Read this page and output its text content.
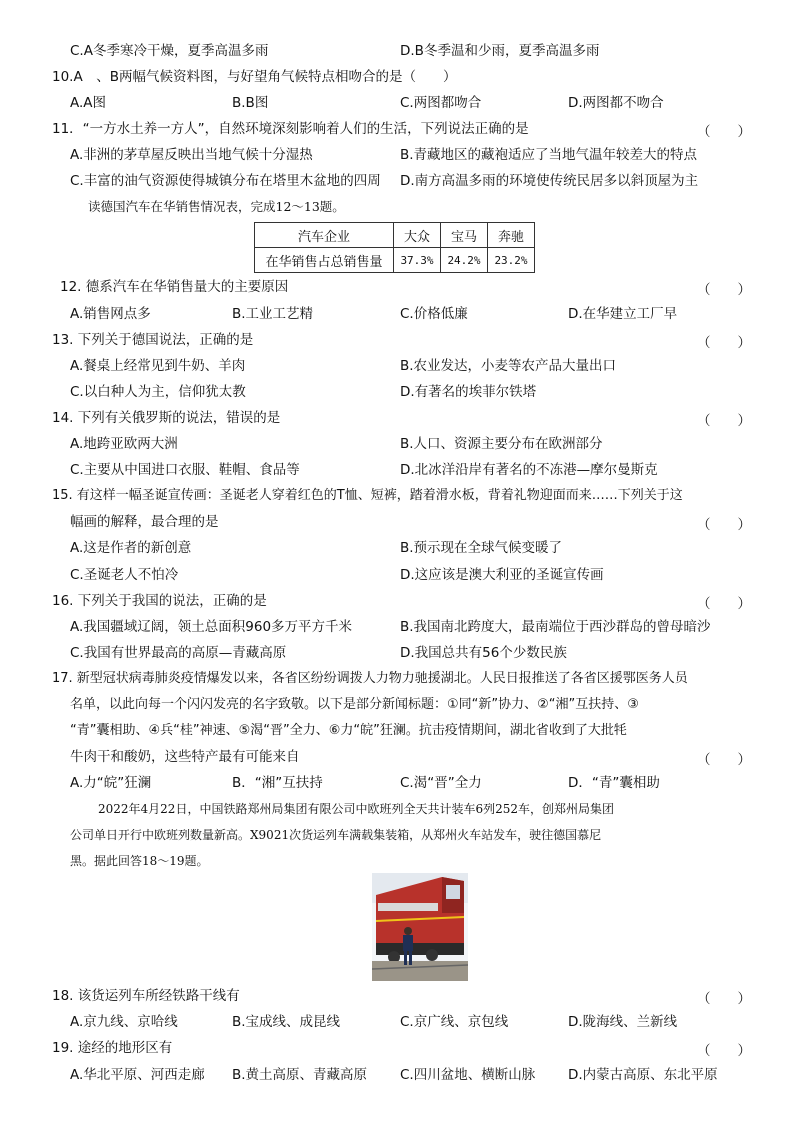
C.A冬季寒冷干燥，夏季高温多雨	D.B冬季温和少雨，夏季高温多雨
10.A　、B两幅气候资料图，与好望角气候特点相吻合的是（　　）
A.A图	B.B图	C.两图都吻合	D.两图都不吻合
11．“一方水土养一方人”，自然环境深刻影响着人们的生活，下列说法正确的是	（　　）
A.非洲的茅草屋反映出当地气候十分湿热	B.青藏地区的藏袍适应了当地气温年较差大的特点
C.丰富的油气资源使得城镇分布在塔里木盆地的四周 D.南方高温多雨的环境使传统民居多以斜顶屋为主
读德国汽车在华销售情况表，完成12～13题。
汽车企业	大众	宝马	奔驰
在华销售占总销售量	37.3%	24.2%	23.2%
12. 德系汽车在华销售量大的主要原因	（　　）
A.销售网点多	B.工业工艺精	C.价格低廉	D.在华建立工厂早
13. 下列关于德国说法，正确的是	（　　）
A.餐桌上经常见到牛奶、羊肉	B.农业发达，小麦等农产品大量出口
C.以白种人为主，信仰犹太教	D.有著名的埃菲尔铁塔
14. 下列有关俄罗斯的说法，错误的是	（　　）
A.地跨亚欧两大洲	B.人口、资源主要分布在欧洲部分
C.主要从中国进口衣服、鞋帽、食品等	D.北冰洋沿岸有著名的不冻港—摩尔曼斯克
15. 有这样一幅圣诞宣传画：圣诞老人穿着红色的T恤、短裤，踏着滑水板，背着礼物迎面而来……下列关于这
幅画的解释，最合理的是	（　　）
A.这是作者的新创意	B.预示现在全球气候变暖了
C.圣诞老人不怕冷	D.这应该是澳大利亚的圣诞宣传画
16. 下列关于我国的说法，正确的是	（　　）
A.我国疆域辽阔，领土总面积960多万平方千米	B.我国南北跨度大，最南端位于西沙群岛的曾母暗沙
C.我国有世界最高的高原—青藏高原	D.我国总共有56个少数民族
17. 新型冠状病毒肺炎疫情爆发以来，各省区纷纷调拨人力物力驰援湖北。人民日报推送了各省区援鄂医务人员
名单，以此向每一个闪闪发亮的名字致敬。以下是部分新闻标题：①同“新”协力、②“湘”互扶持、③
“青”囊相助、④兵“桂”神速、⑤渴“晋”全力、⑥力“皖”狂澜。抗击疫情期间，湖北省收到了大批牦
牛肉干和酸奶，这些特产最有可能来自	（　　）
A.力“皖”狂澜	B．“湘”互扶持	C.渴“晋”全力	D．“青”囊相助
2022年4月22日，中国铁路郑州局集团有限公司中欧班列全天共计装车6列252车，创郑州局集团
公司单日开行中欧班列数量新高。X9021次货运列车满载集装箱，从郑州火车站发车，驶往德国慕尼
黑。据此回答18～19题。
18. 该货运列车所经铁路干线有	（　　）
A.京九线、京哈线	B.宝成线、成昆线	C.京广线、京包线	D.陇海线、兰新线
19. 途经的地形区有	（　　）
A.华北平原、河西走廊 B.黄土高原、青藏高原 C.四川盆地、横断山脉 D.内蒙古高原、东北平原
